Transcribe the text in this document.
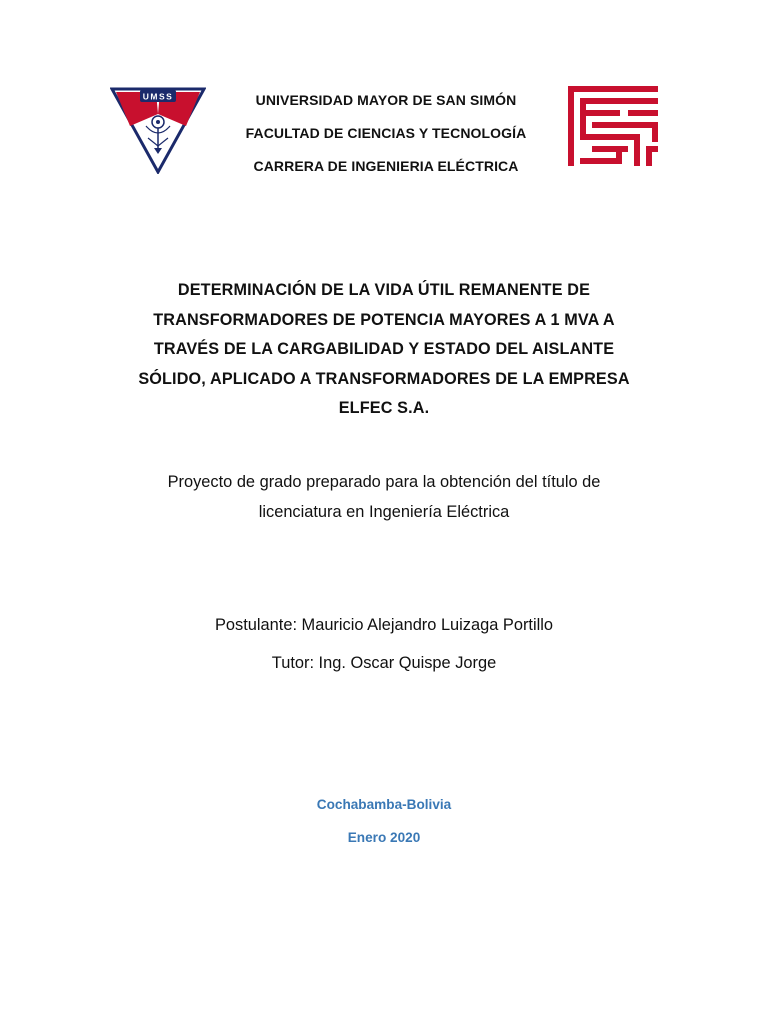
UMSS	UNIVERSIDAD MAYOR DE SAN SIMÓN
FACULTAD DE CIENCIAS Y TECNOLOGÍA
CARRERA DE INGENIERIA ELÉCTRICA
DETERMINACIÓN DE LA VIDA ÚTIL REMANENTE DE
TRANSFORMADORES DE POTENCIA MAYORES A 1 MVA A
TRAVÉS DE LA CARGABILIDAD Y ESTADO DEL AISLANTE
SÓLIDO, APLICADO A TRANSFORMADORES DE LA EMPRESA
ELFEC S.A.
Proyecto de grado preparado para la obtención del título de
licenciatura en Ingeniería Eléctrica
Postulante: Mauricio Alejandro Luizaga Portillo
Tutor: Ing. Oscar Quispe Jorge
Cochabamba-Bolivia
Enero 2020
